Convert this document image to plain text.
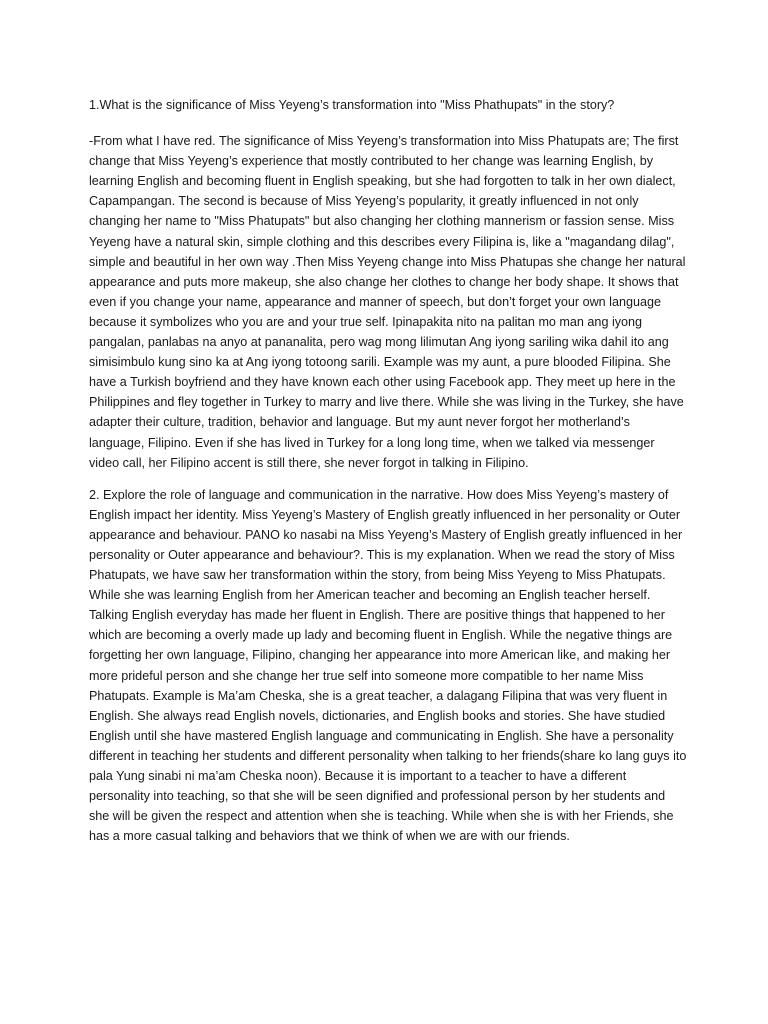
1.What is the significance of Miss Yeyeng’s transformation into "Miss Phathupats" in the story?

-From what I have red. The significance of Miss Yeyeng’s transformation into Miss Phatupats are; The first change that Miss Yeyeng’s experience that mostly contributed to her change was learning English, by learning English and becoming fluent in English speaking, but she had forgotten to talk in her own dialect, Capampangan. The second is because of Miss Yeyeng’s popularity, it greatly influenced in not only changing her name to "Miss Phatupats" but also changing her clothing mannerism or fassion sense. Miss Yeyeng have a natural skin, simple clothing and this describes every Filipina is, like a "magandang dilag", simple and beautiful in her own way .Then Miss Yeyeng change into Miss Phatupas she change her natural appearance and puts more makeup, she also change her clothes to change her body shape. It shows that even if you change your name, appearance and manner of speech, but don’t forget your own language because it symbolizes who you are and your true self. Ipinapakita nito na palitan mo man ang iyong pangalan, panlabas na anyo at pananalita, pero wag mong lilimutan Ang iyong sariling wika dahil ito ang simisimbulo kung sino ka at Ang iyong totoong sarili. Example was my aunt, a pure blooded Filipina. She have a Turkish boyfriend and they have known each other using Facebook app. They meet up here in the Philippines and fley together in Turkey to marry and live there. While she was living in the Turkey, she have adapter their culture, tradition, behavior and language. But my aunt never forgot her motherland’s language, Filipino. Even if she has lived in Turkey for a long long time, when we talked via messenger video call, her Filipino accent is still there, she never forgot in talking in Filipino.

2. Explore the role of language and communication in the narrative. How does Miss Yeyeng’s mastery of English impact her identity. Miss Yeyeng’s Mastery of English greatly influenced in her personality or Outer appearance and behaviour. PANO ko nasabi na Miss Yeyeng’s Mastery of English greatly influenced in her personality or Outer appearance and behaviour?. This is my explanation. When we read the story of Miss Phatupats, we have saw her transformation within the story, from being Miss Yeyeng to Miss Phatupats. While she was learning English from her American teacher and becoming an English teacher herself. Talking English everyday has made her fluent in English. There are positive things that happened to her which are becoming a overly made up lady and becoming fluent in English. While the negative things are forgetting her own language, Filipino, changing her appearance into more American like, and making her more prideful person and she change her true self into someone more compatible to her name Miss Phatupats. Example is Ma’am Cheska, she is a great teacher, a dalagang Filipina that was very fluent in English. She always read English novels, dictionaries, and English books and stories. She have studied English until she have mastered English language and communicating in English. She have a personality different in teaching her students and different personality when talking to her friends(share ko lang guys ito pala Yung sinabi ni ma’am Cheska noon). Because it is important to a teacher to have a different personality into teaching, so that she will be seen dignified and professional person by her students and she will be given the respect and attention when she is teaching. While when she is with her Friends, she has a more casual talking and behaviors that we think of when we are with our friends.
